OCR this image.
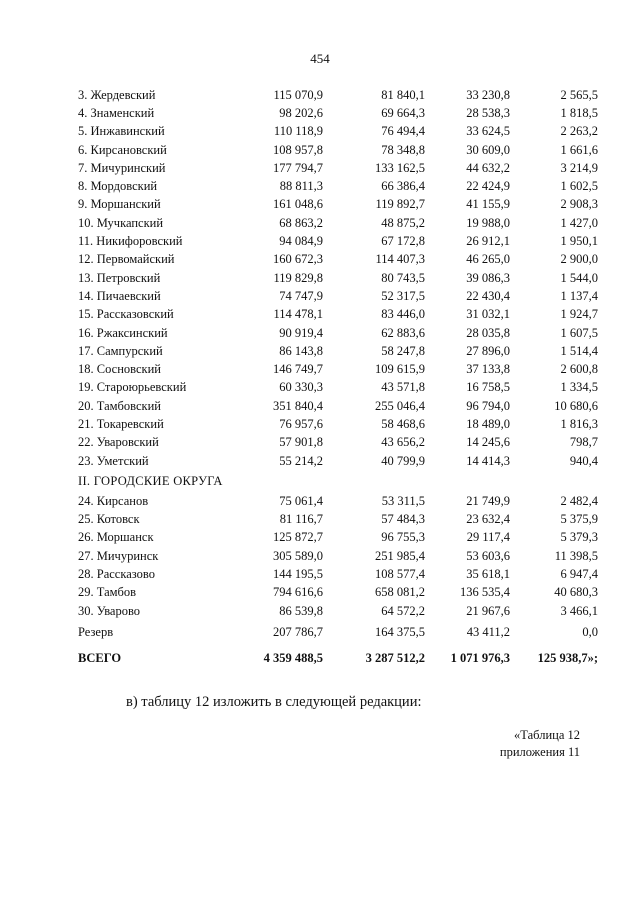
454
3. Жердевский	115 070,9	81 840,1	33 230,8	2 565,5
4. Знаменский	98 202,6	69 664,3	28 538,3	1 818,5
5. Инжавинский	110 118,9	76 494,4	33 624,5	2 263,2
6. Кирсановский	108 957,8	78 348,8	30 609,0	1 661,6
7. Мичуринский	177 794,7	133 162,5	44 632,2	3 214,9
8. Мордовский	88 811,3	66 386,4	22 424,9	1 602,5
9. Моршанский	161 048,6	119 892,7	41 155,9	2 908,3
10. Мучкапский	68 863,2	48 875,2	19 988,0	1 427,0
11. Никифоровский	94 084,9	67 172,8	26 912,1	1 950,1
12. Первомайский	160 672,3	114 407,3	46 265,0	2 900,0
13. Петровский	119 829,8	80 743,5	39 086,3	1 544,0
14. Пичаевский	74 747,9	52 317,5	22 430,4	1 137,4
15. Рассказовский	114 478,1	83 446,0	31 032,1	1 924,7
16. Ржаксинский	90 919,4	62 883,6	28 035,8	1 607,5
17. Сампурский	86 143,8	58 247,8	27 896,0	1 514,4
18. Сосновский	146 749,7	109 615,9	37 133,8	2 600,8
19. Староюрьевский	60 330,3	43 571,8	16 758,5	1 334,5
20. Тамбовский	351 840,4	255 046,4	96 794,0	10 680,6
21. Токаревский	76 957,6	58 468,6	18 489,0	1 816,3
22. Уваровский	57 901,8	43 656,2	14 245,6	798,7
23. Уметский	55 214,2	40 799,9	14 414,3	940,4
II. ГОРОДСКИЕ ОКРУГА				
24. Кирсанов	75 061,4	53 311,5	21 749,9	2 482,4
25. Котовск	81 116,7	57 484,3	23 632,4	5 375,9
26. Моршанск	125 872,7	96 755,3	29 117,4	5 379,3
27. Мичуринск	305 589,0	251 985,4	53 603,6	11 398,5
28. Рассказово	144 195,5	108 577,4	35 618,1	6 947,4
29. Тамбов	794 616,6	658 081,2	136 535,4	40 680,3
30. Уварово	86 539,8	64 572,2	21 967,6	3 466,1
Резерв	207 786,7	164 375,5	43 411,2	0,0
ВСЕГО	4 359 488,5	3 287 512,2	1 071 976,3	125 938,7»;
в) таблицу 12 изложить в следующей редакции:
«Таблица 12
приложения 11
